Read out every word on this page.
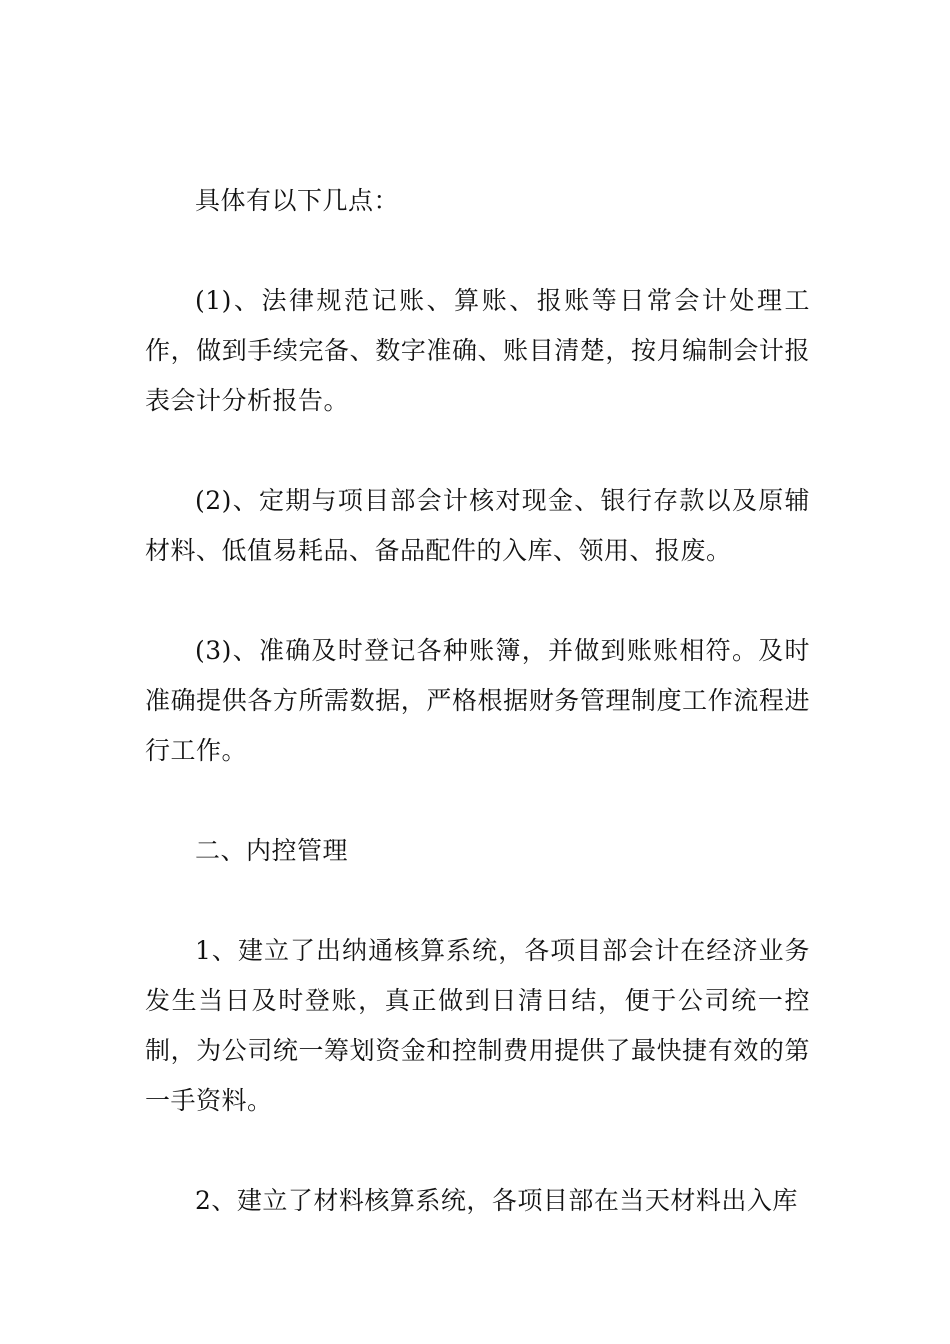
具体有以下几点：

(1)、法律规范记账、算账、报账等日常会计处理工作，做到手续完备、数字准确、账目清楚，按月编制会计报表会计分析报告。

(2)、定期与项目部会计核对现金、银行存款以及原辅材料、低值易耗品、备品配件的入库、领用、报废。

(3)、准确及时登记各种账簿，并做到账账相符。及时准确提供各方所需数据，严格根据财务管理制度工作流程进行工作。

二、内控管理

1、建立了出纳通核算系统，各项目部会计在经济业务发生当日及时登账，真正做到日清日结，便于公司统一控制，为公司统一筹划资金和控制费用提供了最快捷有效的第一手资料。

2、建立了材料核算系统，各项目部在当天材料出入库
